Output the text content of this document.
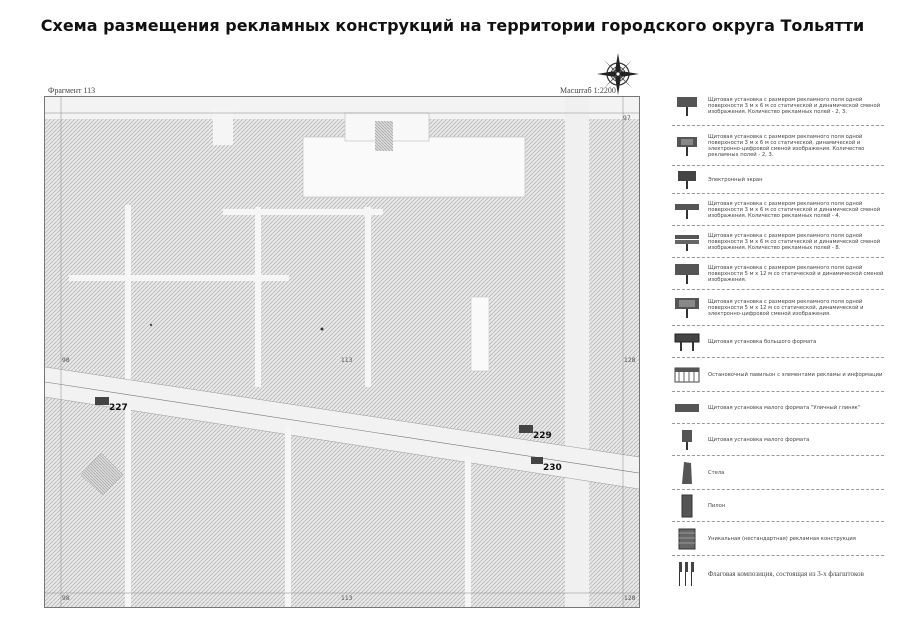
Схема размещения рекламных конструкций на территории городского округа Тольятти
Фрагмент 113	Масштаб 1:2200
227
229
230
97
98	113	128
98	113	128
Щитовая установка с размером рекламного поля одной поверхности 3 м х 6 м со статической и динамической сменой изображения. Количество рекламных полей - 2, 3.
Щитовая установка с размером рекламного поля одной поверхности 3 м х 6 м со статической, динамической и электронно-цифровой сменой изображения. Количество рекламных полей - 2, 3.
Электронный экран
Щитовая установка с размером рекламного поля одной поверхности 3 м х 6 м со статической и динамической сменой изображения. Количество рекламных полей - 4.
Щитовая установка с размером рекламного поля одной поверхности 3 м х 6 м со статической и динамической сменой изображения. Количество рекламных полей - 8.
Щитовая установка с размером рекламного поля одной поверхности 5 м х 12 м со статической и динамической сменой изображения.
Щитовая установка с размером рекламного поля одной поверхности 5 м х 12 м со статической, динамической и электронно-цифровой сменой изображения.
Щитовая установка большого формата
Остановочный павильон с элементами рекламы и информации
Щитовая установка малого формата "Уличный глиняк"
Щитовая установка малого формата
Стела
Пилон
Уникальная (нестандартная) рекламная конструкция
Флаговая композиция, состоящая из 3-х флагштоков
